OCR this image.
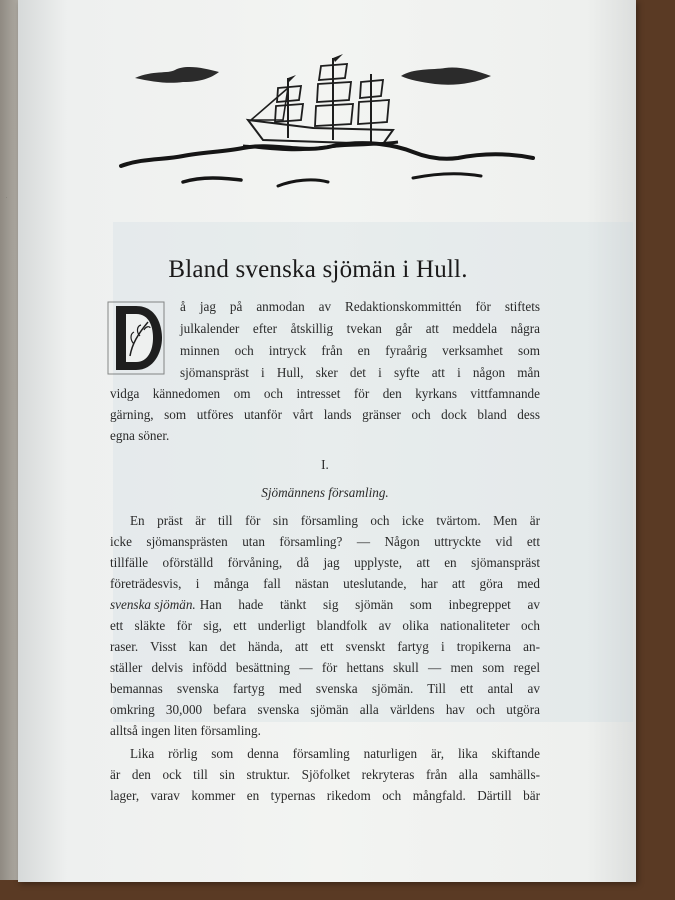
Bland svenska sjömän i Hull.
D
å jag på anmodan av Redaktionskommittén för stiftets
julkalender efter åtskillig tvekan går att meddela några
minnen och intryck från en fyraårig verksamhet som
sjömanspräst i Hull, sker det i syfte att i någon mån
vidga kännedomen om och intresset för den kyrkans vittfamnande
gärning, som utföres utanför vårt lands gränser och dock bland dess
egna söner.
I.
Sjömännens församling.
En präst är till för sin församling och icke tvärtom. Men är
icke sjömansprästen utan församling? — Någon uttryckte vid ett
tillfälle oförställd förvåning, då jag upplyste, att en sjömanspräst
företrädesvis, i många fall nästan uteslutande, har att göra med
svenska sjömän. Han hade tänkt sig sjömän som inbegreppet av
ett släkte för sig, ett underligt blandfolk av olika nationaliteter och
raser. Visst kan det hända, att ett svenskt fartyg i tropikerna an-
ställer delvis infödd besättning — för hettans skull — men som regel
bemannas svenska fartyg med svenska sjömän. Till ett antal av
omkring 30,000 befara svenska sjömän alla världens hav och utgöra
alltså ingen liten församling.
Lika rörlig som denna församling naturligen är, lika skiftande
är den ock till sin struktur. Sjöfolket rekryteras från alla samhälls-
lager, varav kommer en typernas rikedom och mångfald. Därtill bär
